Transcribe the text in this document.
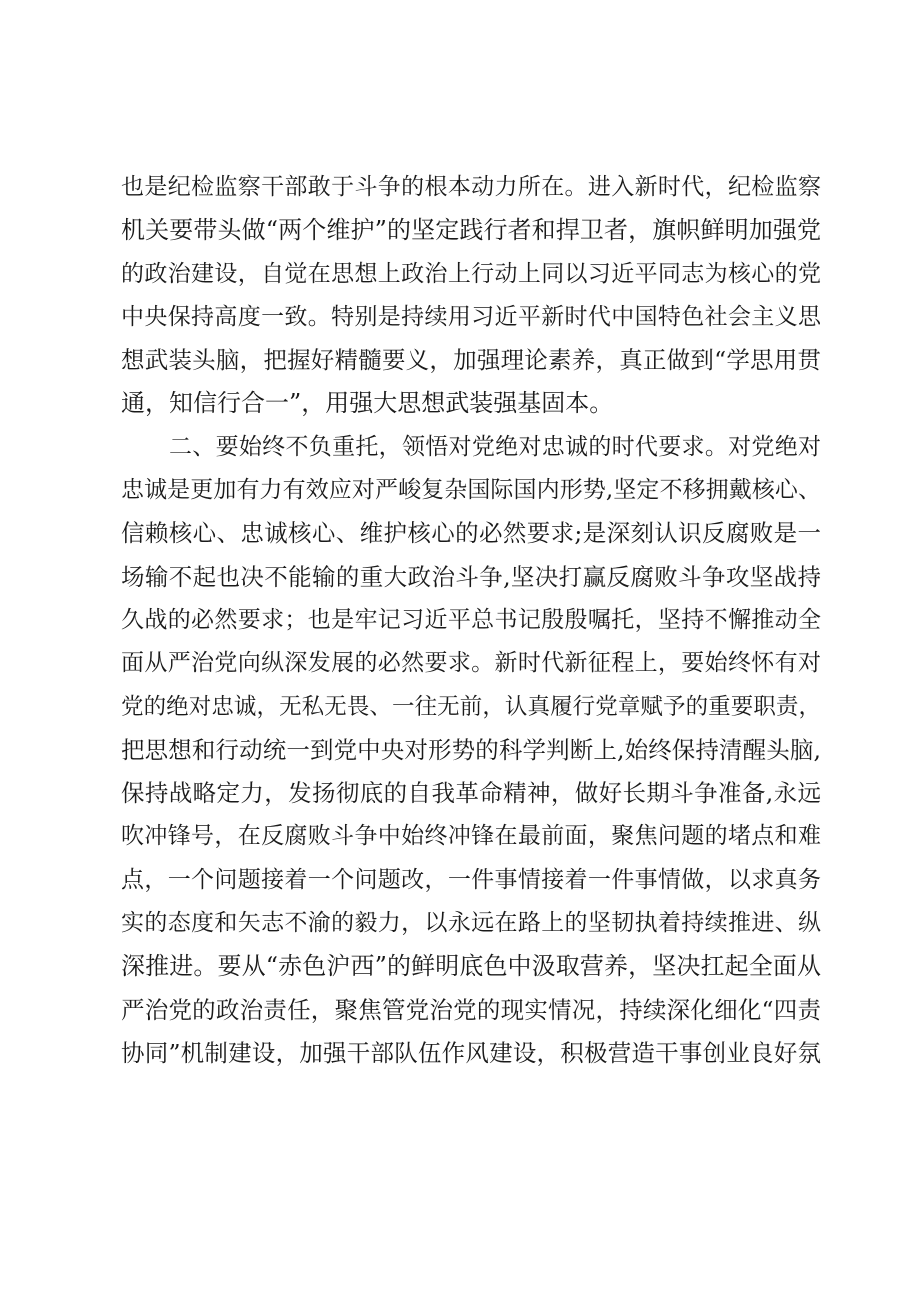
也是纪检监察干部敢于斗争的根本动力所在。进入新时代，纪检监察
机关要带头做“两个维护”的坚定践行者和捍卫者，旗帜鲜明加强党
的政治建设，自觉在思想上政治上行动上同以习近平同志为核心的党
中央保持高度一致。特别是持续用习近平新时代中国特色社会主义思
想武装头脑，把握好精髓要义，加强理论素养，真正做到“学思用贯
通，知信行合一”，用强大思想武装强基固本。
二、要始终不负重托，领悟对党绝对忠诚的时代要求。对党绝对
忠诚是更加有力有效应对严峻复杂国际国内形势,坚定不移拥戴核心、
信赖核心、忠诚核心、维护核心的必然要求;是深刻认识反腐败是一
场输不起也决不能输的重大政治斗争,坚决打赢反腐败斗争攻坚战持
久战的必然要求；也是牢记习近平总书记殷殷嘱托，坚持不懈推动全
面从严治党向纵深发展的必然要求。新时代新征程上，要始终怀有对
党的绝对忠诚，无私无畏、一往无前，认真履行党章赋予的重要职责，
把思想和行动统一到党中央对形势的科学判断上,始终保持清醒头脑,
保持战略定力，发扬彻底的自我革命精神，做好长期斗争准备,永远
吹冲锋号，在反腐败斗争中始终冲锋在最前面，聚焦问题的堵点和难
点，一个问题接着一个问题改，一件事情接着一件事情做，以求真务
实的态度和矢志不渝的毅力，以永远在路上的坚韧执着持续推进、纵
深推进。要从“赤色沪西”的鲜明底色中汲取营养，坚决扛起全面从
严治党的政治责任，聚焦管党治党的现实情况，持续深化细化“四责
协同”机制建设，加强干部队伍作风建设，积极营造干事创业良好氛
